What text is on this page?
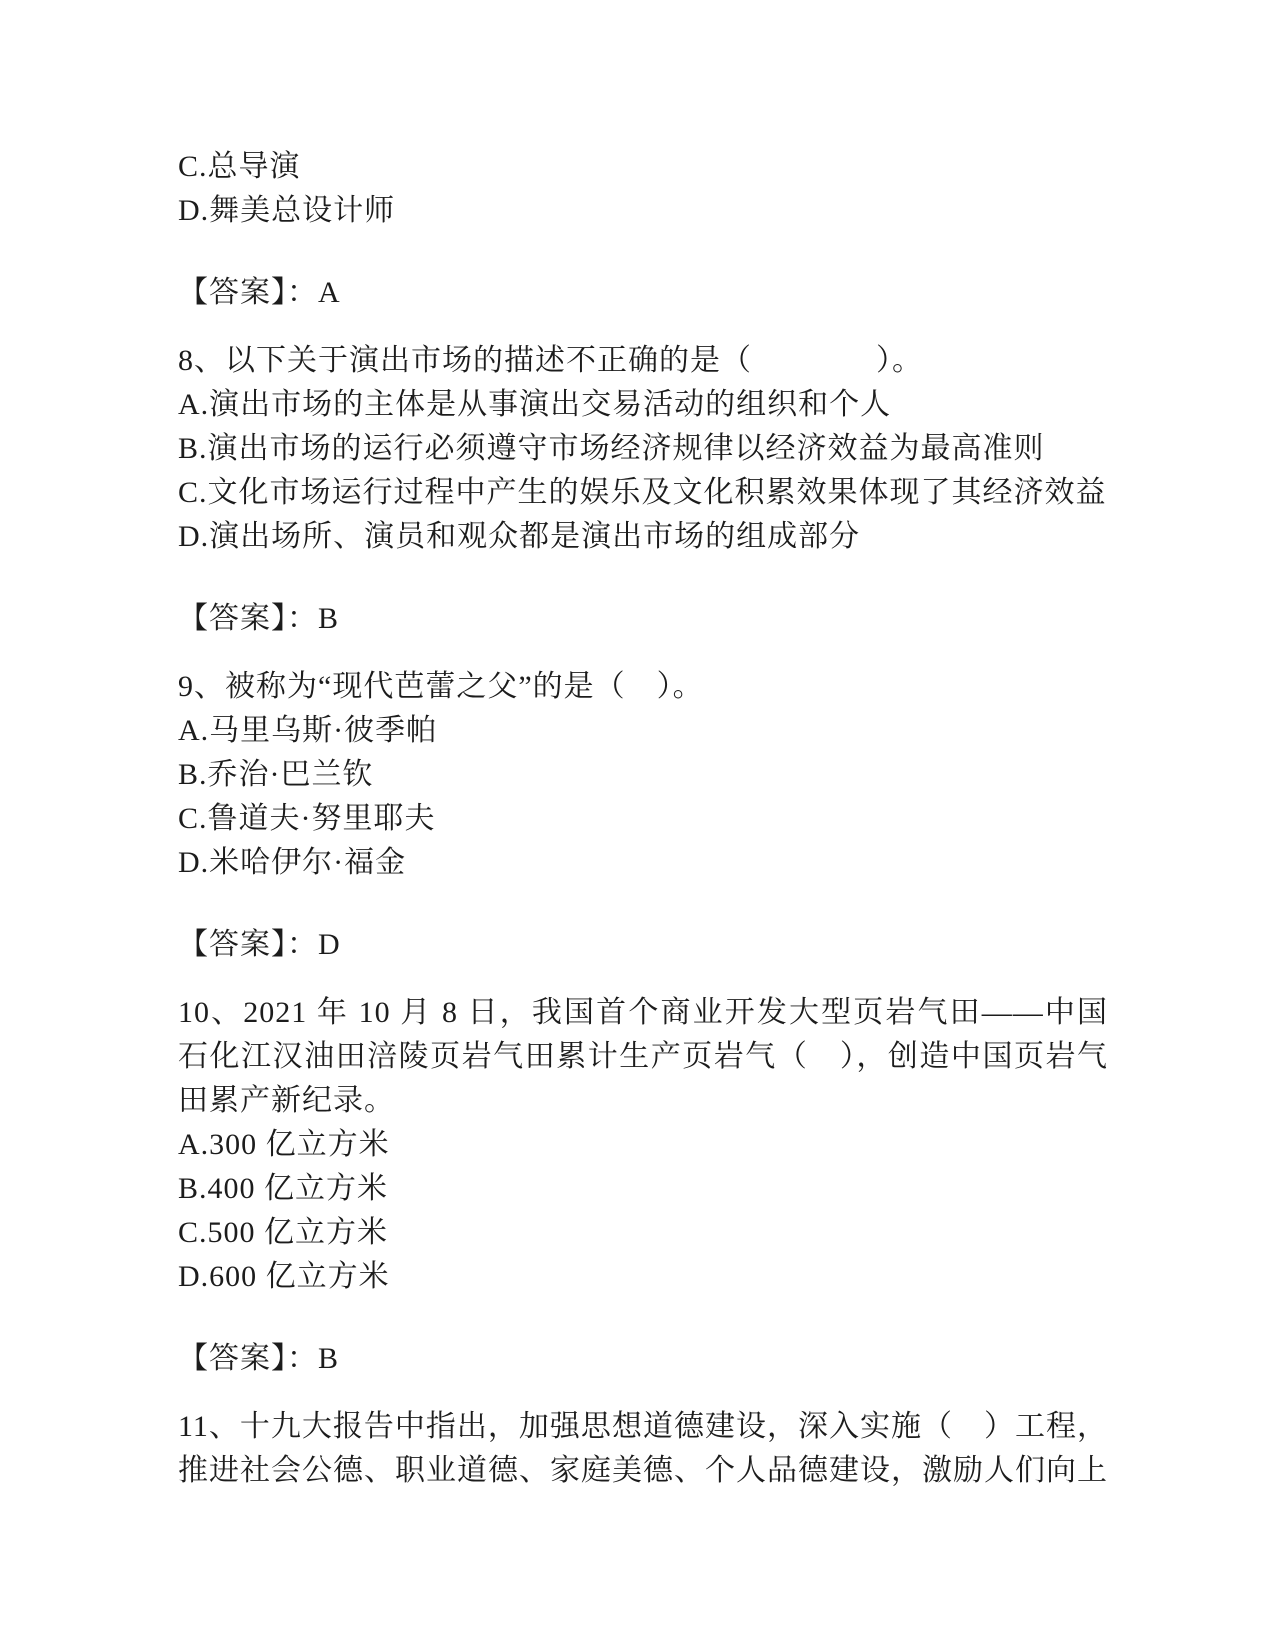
C.总导演

D.舞美总设计师

【答案】：A

8、以下关于演出市场的描述不正确的是（　　　　）。

A.演出市场的主体是从事演出交易活动的组织和个人

B.演出市场的运行必须遵守市场经济规律以经济效益为最高准则

C.文化市场运行过程中产生的娱乐及文化积累效果体现了其经济效益

D.演出场所、演员和观众都是演出市场的组成部分

【答案】：B

9、被称为“现代芭蕾之父”的是（　）。

A.马里乌斯·彼季帕

B.乔治·巴兰钦

C.鲁道夫·努里耶夫

D.米哈伊尔·福金

【答案】：D

10、2021 年 10 月 8 日，我国首个商业开发大型页岩气田——中国石化江汉油田涪陵页岩气田累计生产页岩气（　），创造中国页岩气田累产新纪录。

A.300 亿立方米

B.400 亿立方米

C.500 亿立方米

D.600 亿立方米

【答案】：B

11、十九大报告中指出，加强思想道德建设，深入实施（　）工程，推进社会公德、职业道德、家庭美德、个人品德建设，激励人们向上
